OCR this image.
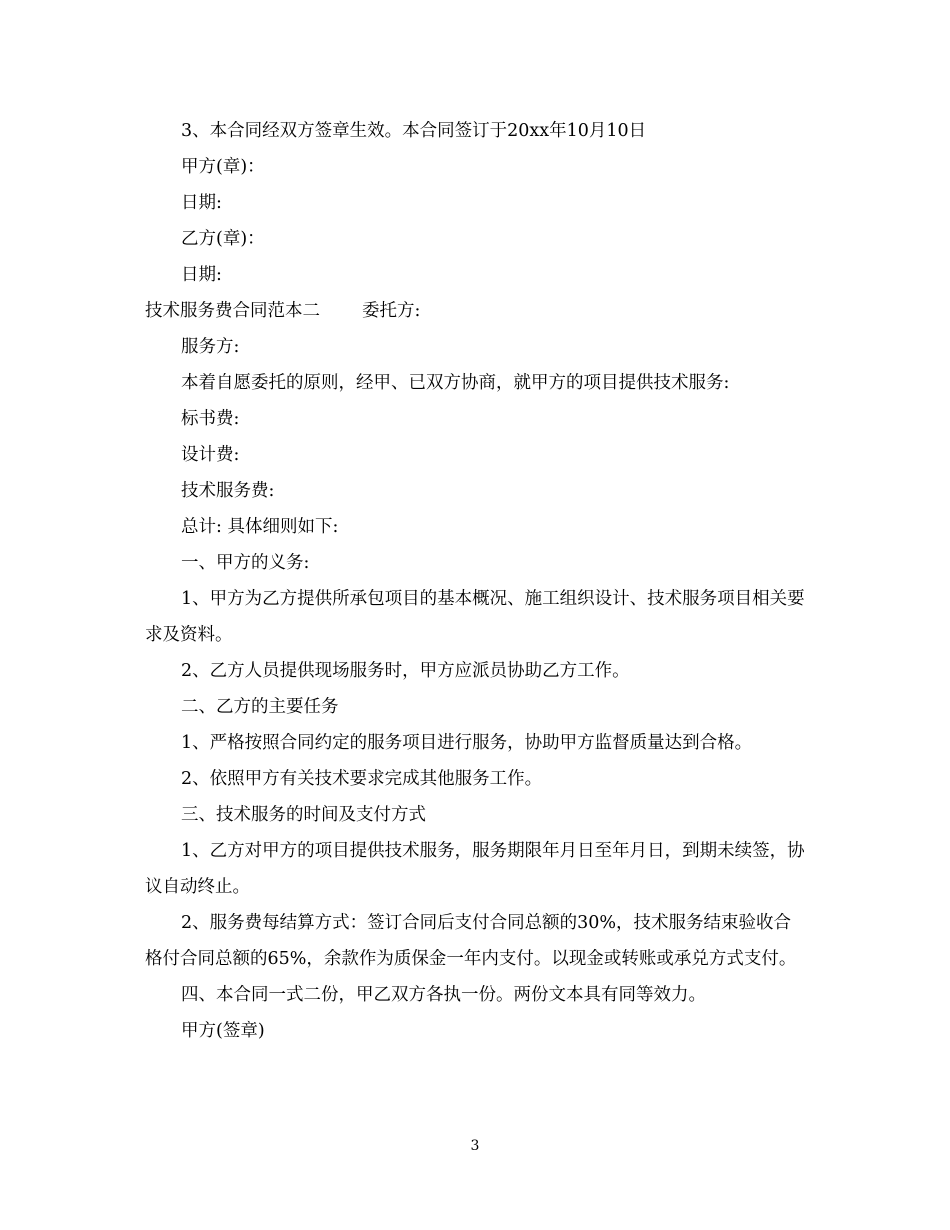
3、本合同经双方签章生效。本合同签订于20xx年10月10日

甲方(章)：

日期:

乙方(章)：

日期:

技术服务费合同范本二 委托方:

服务方:

本着自愿委托的原则，经甲、已双方协商，就甲方的项目提供技术服务:

标书费:

设计费:

技术服务费:

总计: 具体细则如下:

一、甲方的义务:

1、甲方为乙方提供所承包项目的基本概况、施工组织设计、技术服务项目相关要求及资料。

2、乙方人员提供现场服务时，甲方应派员协助乙方工作。

二、乙方的主要任务

1、严格按照合同约定的服务项目进行服务，协助甲方监督质量达到合格。

2、依照甲方有关技术要求完成其他服务工作。

三、技术服务的时间及支付方式

1、乙方对甲方的项目提供技术服务，服务期限年月日至年月日，到期未续签，协议自动终止。

2、服务费每结算方式：签订合同后支付合同总额的30%，技术服务结束验收合格付合同总额的65%，余款作为质保金一年内支付。以现金或转账或承兑方式支付。

四、本合同一式二份，甲乙双方各执一份。两份文本具有同等效力。

甲方(签章)

3
